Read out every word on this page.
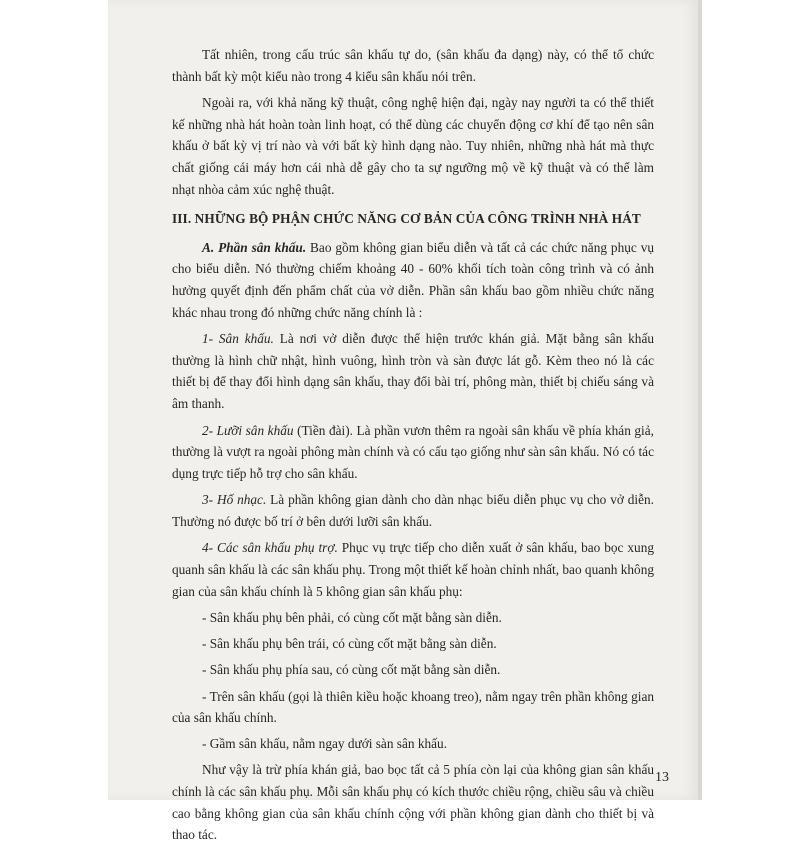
Tất nhiên, trong cấu trúc sân khấu tự do, (sân khấu đa dạng) này, có thể tổ chức thành bất kỳ một kiểu nào trong 4 kiểu sân khấu nói trên.

Ngoài ra, với khả năng kỹ thuật, công nghệ hiện đại, ngày nay người ta có thể thiết kế những nhà hát hoàn toàn linh hoạt, có thể dùng các chuyển động cơ khí để tạo nên sân khấu ở bất kỳ vị trí nào và với bất kỳ hình dạng nào. Tuy nhiên, những nhà hát mà thực chất giống cái máy hơn cái nhà dễ gây cho ta sự ngưỡng mộ về kỹ thuật và có thể làm nhạt nhòa cảm xúc nghệ thuật.

III. NHỮNG BỘ PHẬN CHỨC NĂNG CƠ BẢN CỦA CÔNG TRÌNH NHÀ HÁT

A. Phần sân khấu. Bao gồm không gian biểu diễn và tất cả các chức năng phục vụ cho biểu diễn. Nó thường chiếm khoảng 40 - 60% khối tích toàn công trình và có ảnh hưởng quyết định đến phẩm chất của vở diễn. Phần sân khấu bao gồm nhiều chức năng khác nhau trong đó những chức năng chính là :

1- Sân khấu. Là nơi vở diễn được thể hiện trước khán giả. Mặt bằng sân khấu thường là hình chữ nhật, hình vuông, hình tròn và sàn được lát gỗ. Kèm theo nó là các thiết bị để thay đổi hình dạng sân khấu, thay đổi bài trí, phông màn, thiết bị chiếu sáng và âm thanh.

2- Lưỡi sân khấu (Tiền đài). Là phần vươn thêm ra ngoài sân khấu về phía khán giả, thường là vượt ra ngoài phông màn chính và có cấu tạo giống như sàn sân khấu. Nó có tác dụng trực tiếp hỗ trợ cho sân khấu.

3- Hố nhạc. Là phần không gian dành cho dàn nhạc biểu diễn phục vụ cho vở diễn. Thường nó được bố trí ở bên dưới lưỡi sân khấu.

4- Các sân khấu phụ trợ. Phục vụ trực tiếp cho diễn xuất ở sân khấu, bao bọc xung quanh sân khấu là các sân khấu phụ. Trong một thiết kế hoàn chỉnh nhất, bao quanh không gian của sân khấu chính là 5 không gian sân khấu phụ:

- Sân khấu phụ bên phải, có cùng cốt mặt bằng sàn diễn.

- Sân khấu phụ bên trái, có cùng cốt mặt bằng sàn diễn.

- Sân khấu phụ phía sau, có cùng cốt mặt bằng sàn diễn.

- Trên sân khấu (gọi là thiên kiều hoặc khoang treo), nằm ngay trên phần không gian của sân khấu chính.

- Gầm sân khấu, nằm ngay dưới sàn sân khấu.

Như vậy là trừ phía khán giả, bao bọc tất cả 5 phía còn lại của không gian sân khấu chính là các sân khấu phụ. Mỗi sân khấu phụ có kích thước chiều rộng, chiều sâu và chiều cao bằng không gian của sân khấu chính cộng với phần không gian dành cho thiết bị và thao tác.

13
